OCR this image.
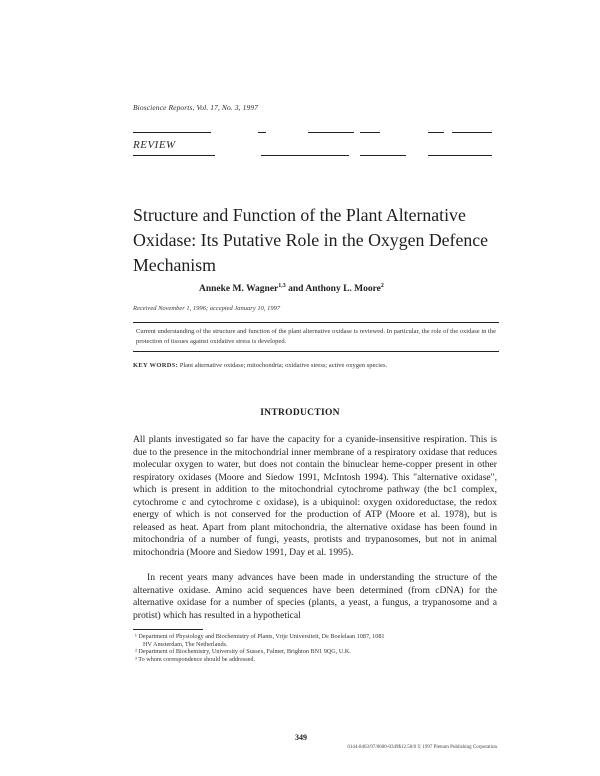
Bioscience Reports, Vol. 17, No. 3, 1997
REVIEW
Structure and Function of the Plant Alternative Oxidase: Its Putative Role in the Oxygen Defence Mechanism
Anneke M. Wagner$^{1,3}$ and Anthony L. Moore$^2$
Received November 1, 1996; accepted January 10, 1997
Current understanding of the structure and function of the plant alternative oxidase is reviewed. In particular, the role of the oxidase in the protection of tissues against oxidative stress is developed.
KEY WORDS: Plant alternative oxidase; mitochondria; oxidative stress; active oxygen species.
INTRODUCTION
All plants investigated so far have the capacity for a cyanide-insensitive respiration. This is due to the presence in the mitochondrial inner membrane of a respiratory oxidase that reduces molecular oxygen to water, but does not contain the binuclear heme-copper present in other respiratory oxidases (Moore and Siedow 1991, McIntosh 1994). This "alternative oxidase", which is present in addition to the mitochondrial cytochrome pathway (the bc1 complex, cytochrome c and cytochrome c oxidase), is a ubiquinol: oxygen oxidoreductase, the redox energy of which is not conserved for the production of ATP (Moore et al. 1978), but is released as heat. Apart from plant mitochondria, the alternative oxidase has been found in mitochondria of a number of fungi, yeasts, protists and trypanosomes, but not in animal mitochondria (Moore and Siedow 1991, Day et al. 1995).
In recent years many advances have been made in understanding the structure of the alternative oxidase. Amino acid sequences have been determined (from cDNA) for the alternative oxidase for a number of species (plants, a yeast, a fungus, a trypanosome and a protist) which has resulted in a hypothetical
¹ Department of Physiology and Biochemistry of Plants, Vrije Universiteit, De Boelelaan 1087, 1081
HV Amsterdam, The Netherlands.
² Department of Biochemistry, University of Sussex, Falmer, Brighton BN1 9QG, U.K.
³ To whom correspondence should be addressed.
349
0144-8463/97/0600-0349$12.50/0 © 1997 Plenum Publishing Corporation
